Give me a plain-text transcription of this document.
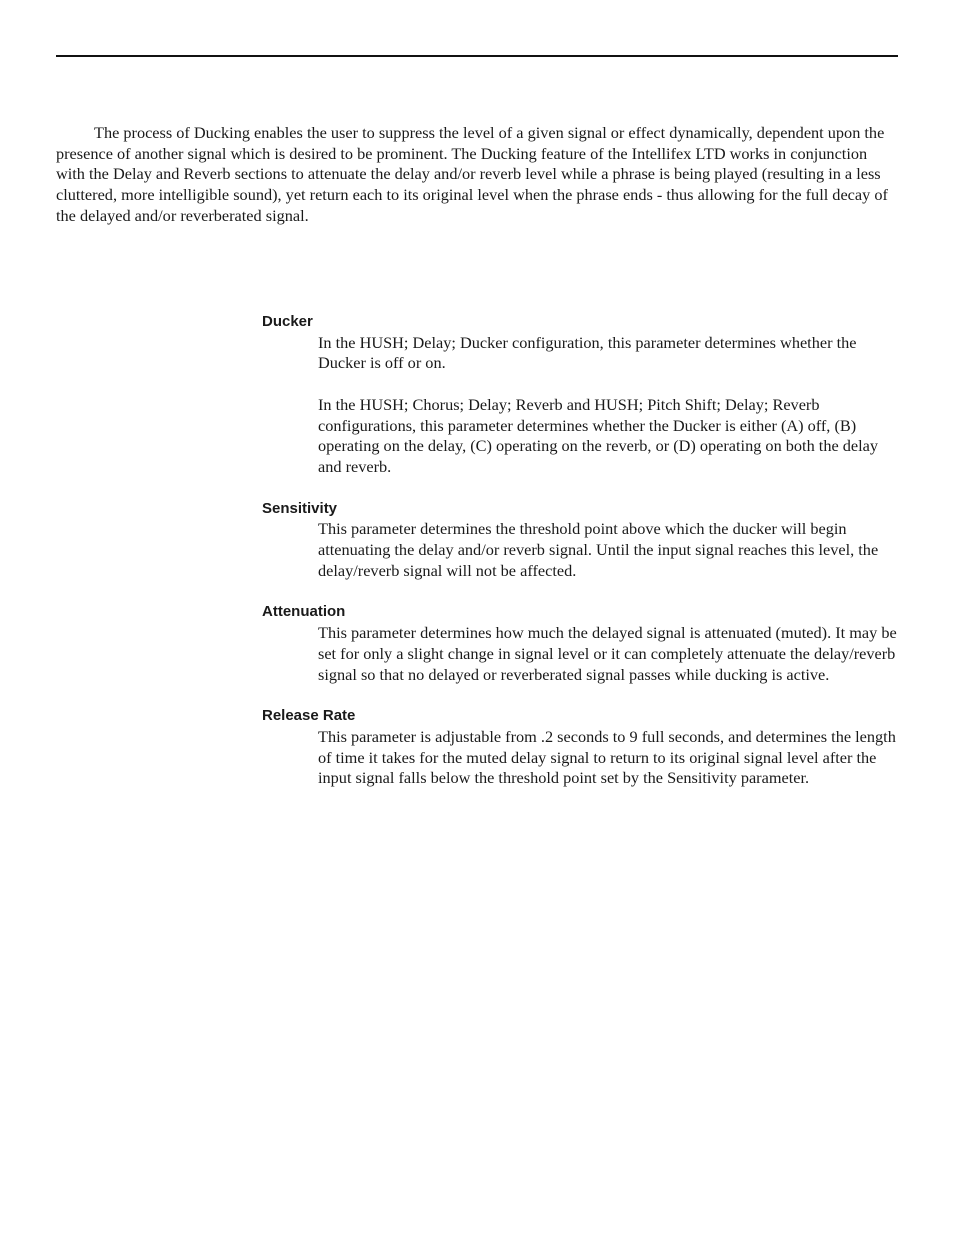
The process of Ducking enables the user to suppress the level of a given signal or effect dynamically, dependent upon the presence of another signal which is desired to be prominent. The Ducking feature of the Intellifex LTD works in conjunction with the Delay and Reverb sections to attenuate the delay and/or reverb level while a phrase is being played (resulting in a less cluttered, more intelligible sound), yet return each to its original level when the phrase ends - thus allowing for the full decay of the delayed and/or reverberated signal.

Ducker

In the HUSH; Delay; Ducker configuration, this parameter determines whether the Ducker is off or on.

In the HUSH; Chorus; Delay; Reverb and HUSH; Pitch Shift; Delay; Reverb configurations, this parameter determines whether the Ducker is either (A) off, (B) operating on the delay, (C) operating on the reverb, or (D) operating on both the delay and reverb.

Sensitivity

This parameter determines the threshold point above which the ducker will begin attenuating the delay and/or reverb signal. Until the input signal reaches this level, the delay/reverb signal will not be affected.

Attenuation

This parameter determines how much the delayed signal is attenuated (muted). It may be set for only a slight change in signal level or it can completely attenuate the delay/reverb signal so that no delayed or reverberated signal passes while ducking is active.

Release Rate

This parameter is adjustable from .2 seconds to 9 full seconds, and determines the length of time it takes for the muted delay signal to return to its original signal level after the input signal falls below the threshold point set by the Sensitivity parameter.
